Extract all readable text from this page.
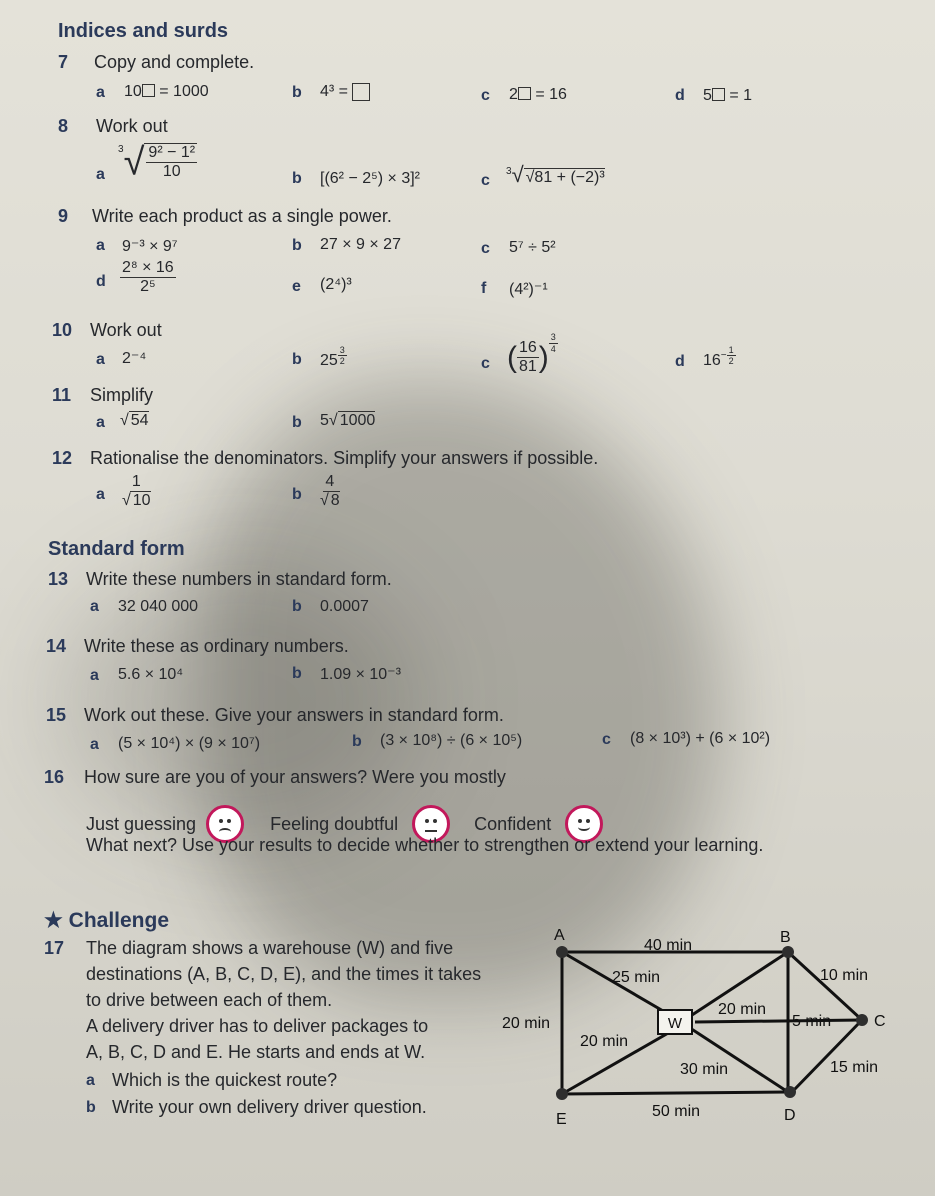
Indices and surds
7 Copy and complete.
a 10 = 1000	b 4³ =	c 2 = 16	d 5 = 1
8 Work out
a
$^3√ \frac{\text{9² − 1²}}{10}$	b [(6² − 2⁵) × 3]²	c
$^3$√ √81 + (−2)³
9 Write each product as a single power.
a 9⁻³ × 9⁷	b 27 × 9 × 27	c 5⁷ ÷ 5²
d $\frac{\text{2⁸ × 16}}{\text{2⁵}}$	e (2⁴)³	f (4²)⁻¹
10 Work out
a 2⁻⁴	b 25 $^{\frac{3}{2}}$	c ( $\frac{16}{81}$ ) $^{\frac{3}{4}}$
d $16^{- \frac{1}{2}}$
11 Simplify
a √ 54	b 5√ 1000
12 Rationalise the denominators. Simplify your answers if possible.
a $\frac{1}{√ 10}$	b $\frac{4}{√ 8}$
Standard form
13 Write these numbers in standard form.
a 32 040 000	b 0.0007
14 Write these as ordinary numbers.
a 5.6 × 10⁴	b 1.09 × 10⁻³
15 Work out these. Give your answers in standard form.
a (5 × 10⁴) × (9 × 10⁷)	b (3 × 10⁸) ÷ (6 × 10⁵)	c (8 × 10³) + (6 × 10²)
16 How sure are you of your answers? Were you mostly
Just guessing	Feeling doubtful	Confident
What next? Use your results to decide whether to strengthen or extend your learning.
★ Challenge
17 The diagram shows a warehouse (W) and five
destinations (A, B, C, D, E), and the times it takes
to drive between each of them.
A delivery driver has to deliver packages to
A, B, C, D and E. He starts and ends at W.
a Which is the quickest route?
b Write your own delivery driver question.
W
A	B
C
D
E
40 min
25 min
20 min
10 min
20 min
15 min
5 min
20 min
30 min
50 min
